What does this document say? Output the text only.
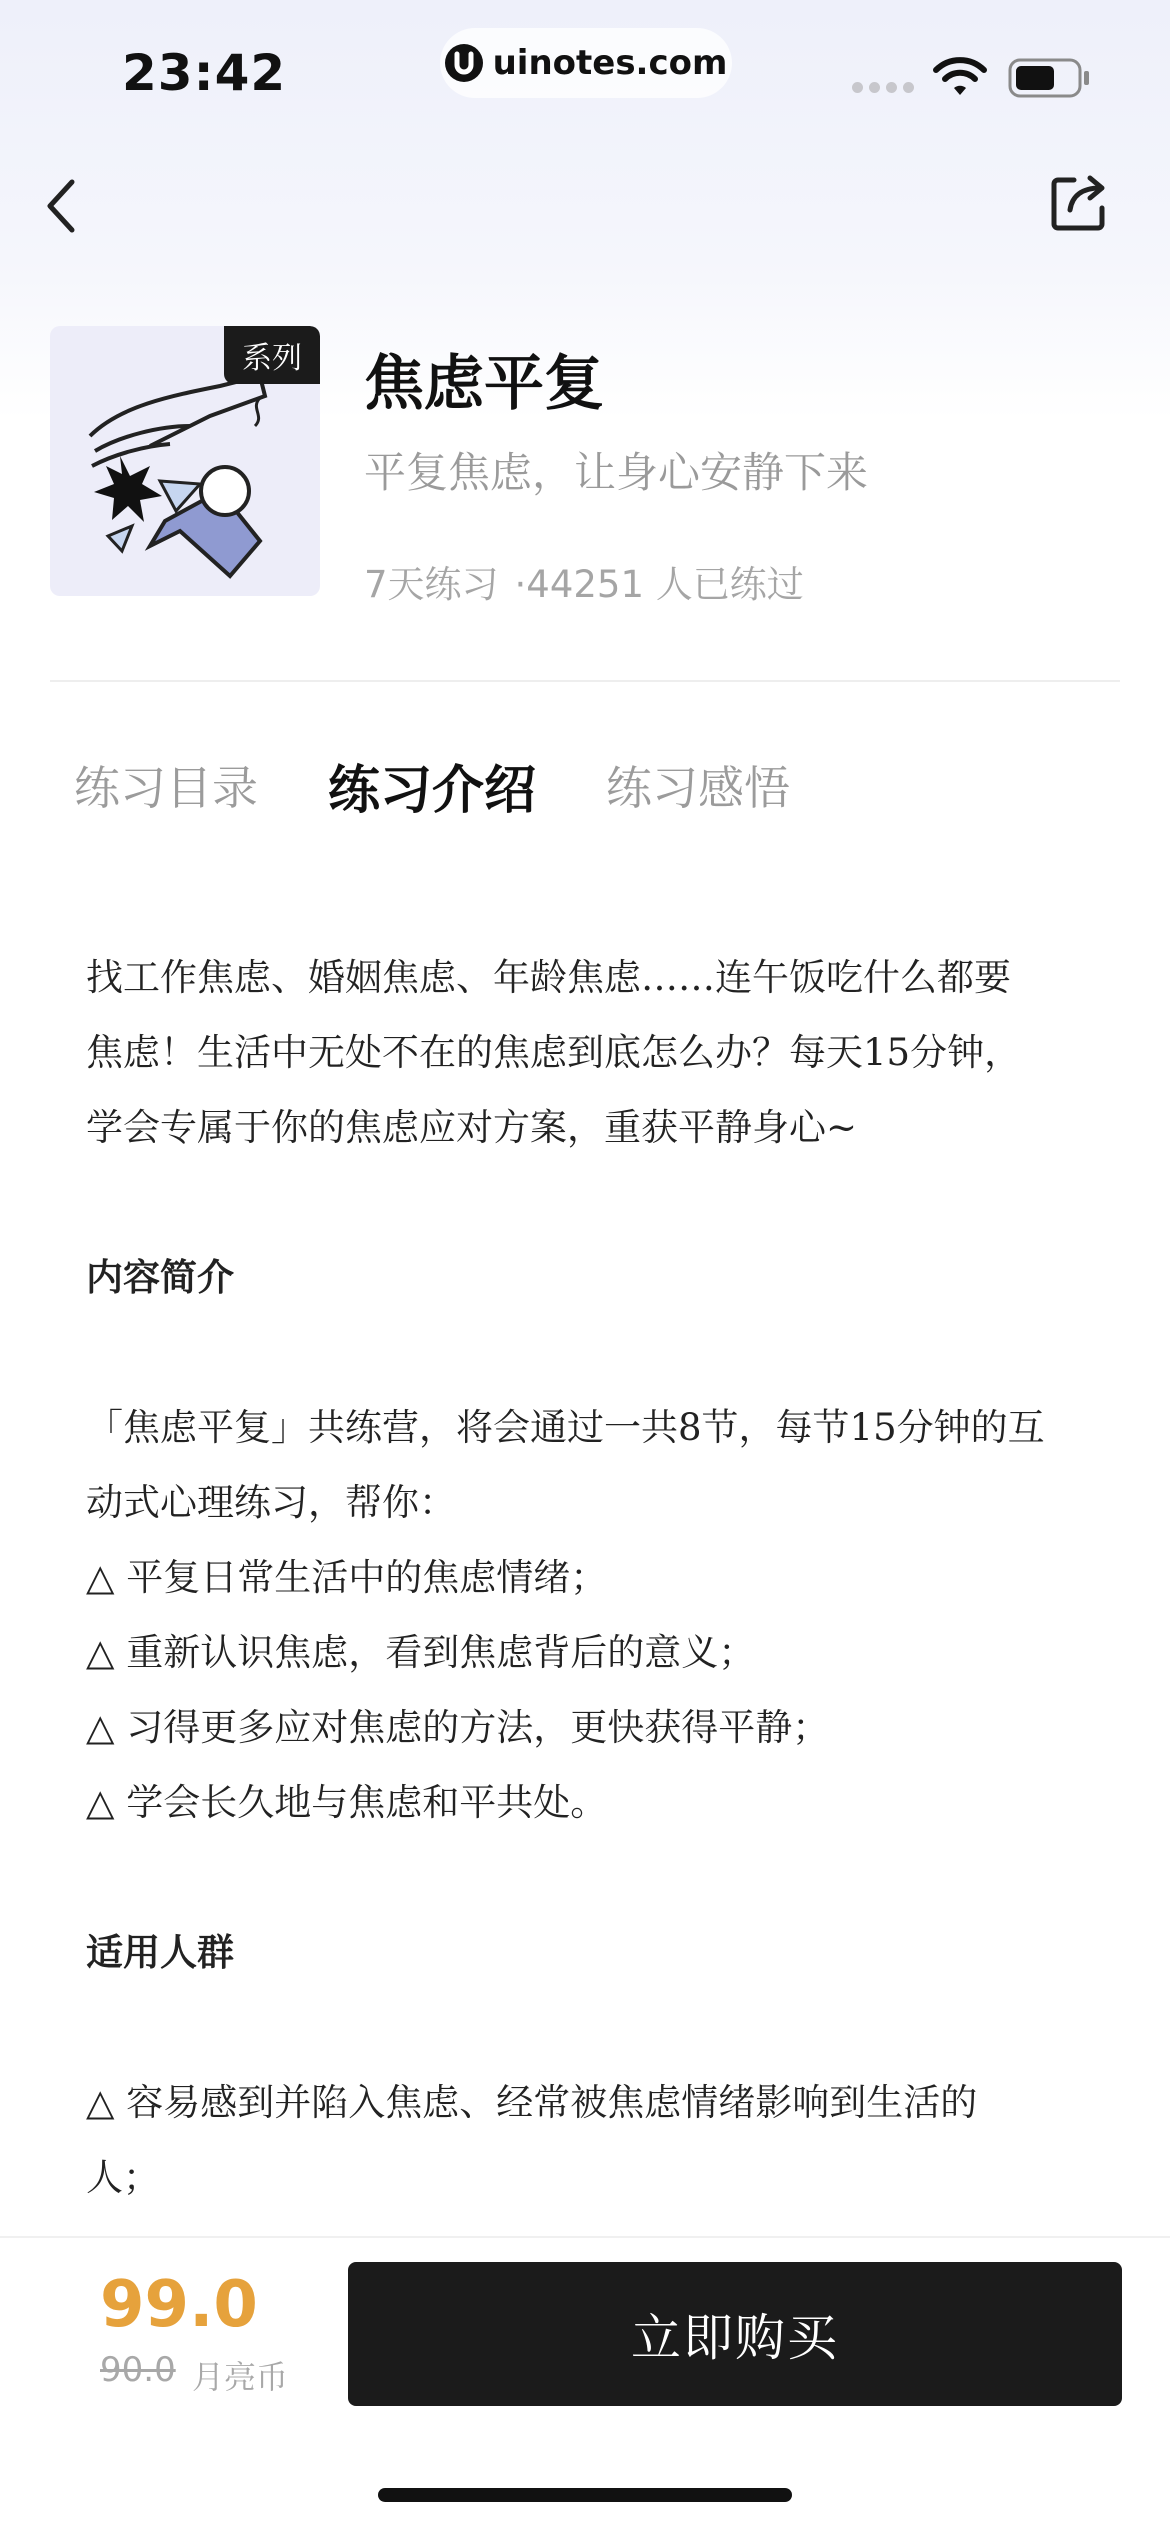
23:42	uinotes.com
系列	焦虑平复
平复焦虑，让身心安静下来
7天练习 ·44251 人已练过
练习目录 练习介绍 练习感悟

找工作焦虑、婚姻焦虑、年龄焦虑……连午饭吃什么都要

焦虑！生活中无处不在的焦虑到底怎么办？每天15分钟，

学会专属于你的焦虑应对方案，重获平静身心~

内容简介

「焦虑平复」共练营，将会通过一共8节，每节15分钟的互

动式心理练习，帮你：

△ 平复日常生活中的焦虑情绪；

△ 重新认识焦虑，看到焦虑背后的意义；

△ 习得更多应对焦虑的方法，更快获得平静；

△ 学会长久地与焦虑和平共处。

适用人群

△ 容易感到并陷入焦虑、经常被焦虑情绪影响到生活的

人；

99.0
90.0 月亮币
立即购买
